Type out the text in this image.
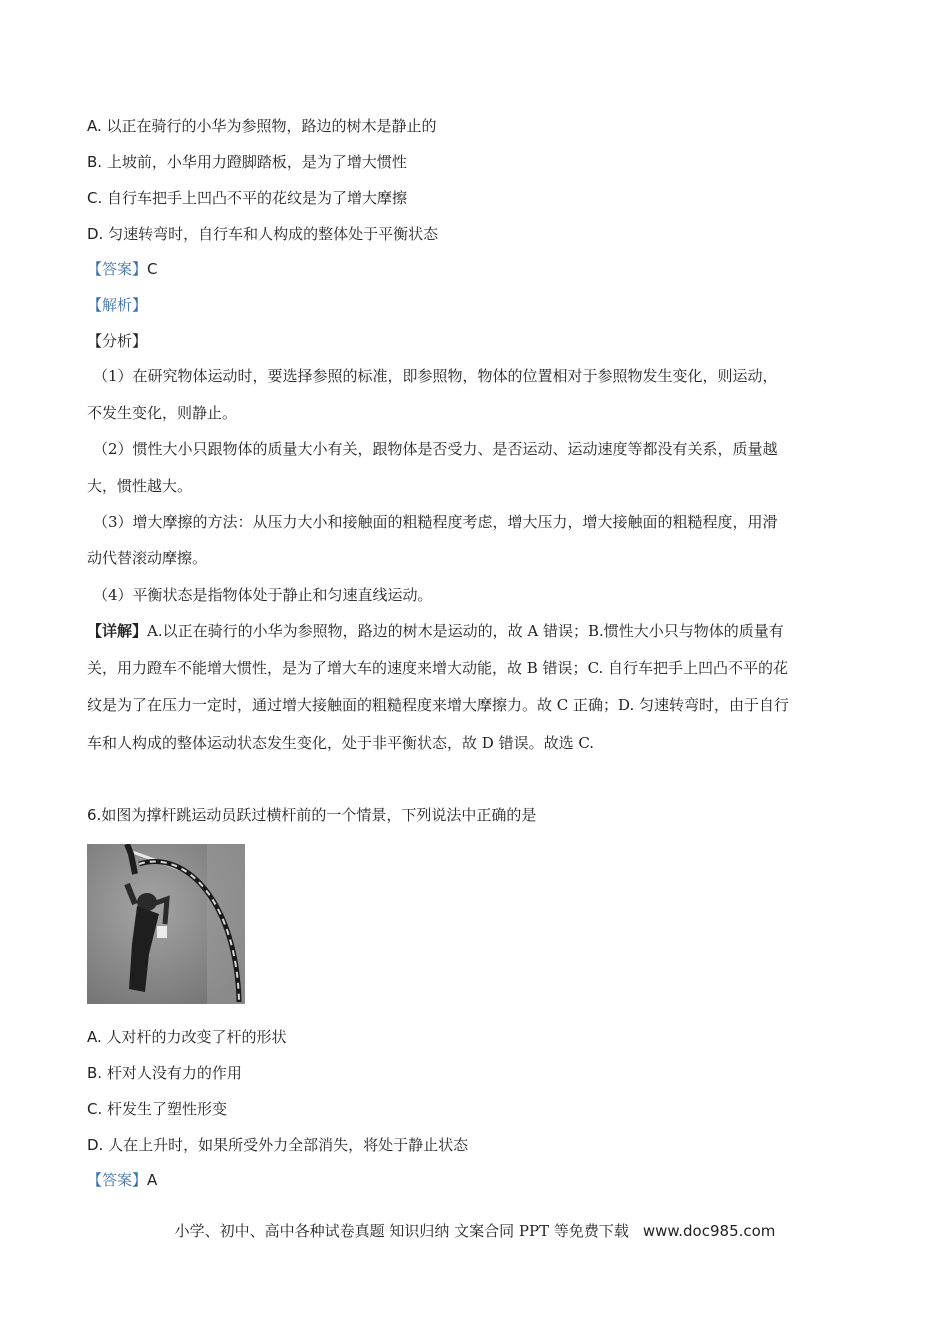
A. 以正在骑行的小华为参照物，路边的树木是静止的
B. 上坡前，小华用力蹬脚踏板，是为了增大惯性
C. 自行车把手上凹凸不平的花纹是为了增大摩擦
D. 匀速转弯时，自行车和人构成的整体处于平衡状态
【答案】C
【解析】
【分析】
（1）在研究物体运动时，要选择参照的标准，即参照物，物体的位置相对于参照物发生变化，则运动，
不发生变化，则静止。
（2）惯性大小只跟物体的质量大小有关，跟物体是否受力、是否运动、运动速度等都没有关系，质量越
大，惯性越大。
（3）增大摩擦的方法：从压力大小和接触面的粗糙程度考虑，增大压力，增大接触面的粗糙程度，用滑
动代替滚动摩擦。
（4）平衡状态是指物体处于静止和匀速直线运动。
【详解】A.以正在骑行的小华为参照物，路边的树木是运动的，故 A 错误；B.惯性大小只与物体的质量有
关，用力蹬车不能增大惯性，是为了增大车的速度来增大动能，故 B 错误；C. 自行车把手上凹凸不平的花
纹是为了在压力一定时，通过增大接触面的粗糙程度来增大摩擦力。故 C 正确；D. 匀速转弯时，由于自行
车和人构成的整体运动状态发生变化，处于非平衡状态，故 D 错误。故选 C.
6.如图为撑杆跳运动员跃过横杆前的一个情景，下列说法中正确的是
A. 人对杆的力改变了杆的形状
B. 杆对人没有力的作用
C. 杆发生了塑性形变
D. 人在上升时，如果所受外力全部消失，将处于静止状态
【答案】A
小学、初中、高中各种试卷真题 知识归纳 文案合同 PPT 等免费下载 www.doc985.com
